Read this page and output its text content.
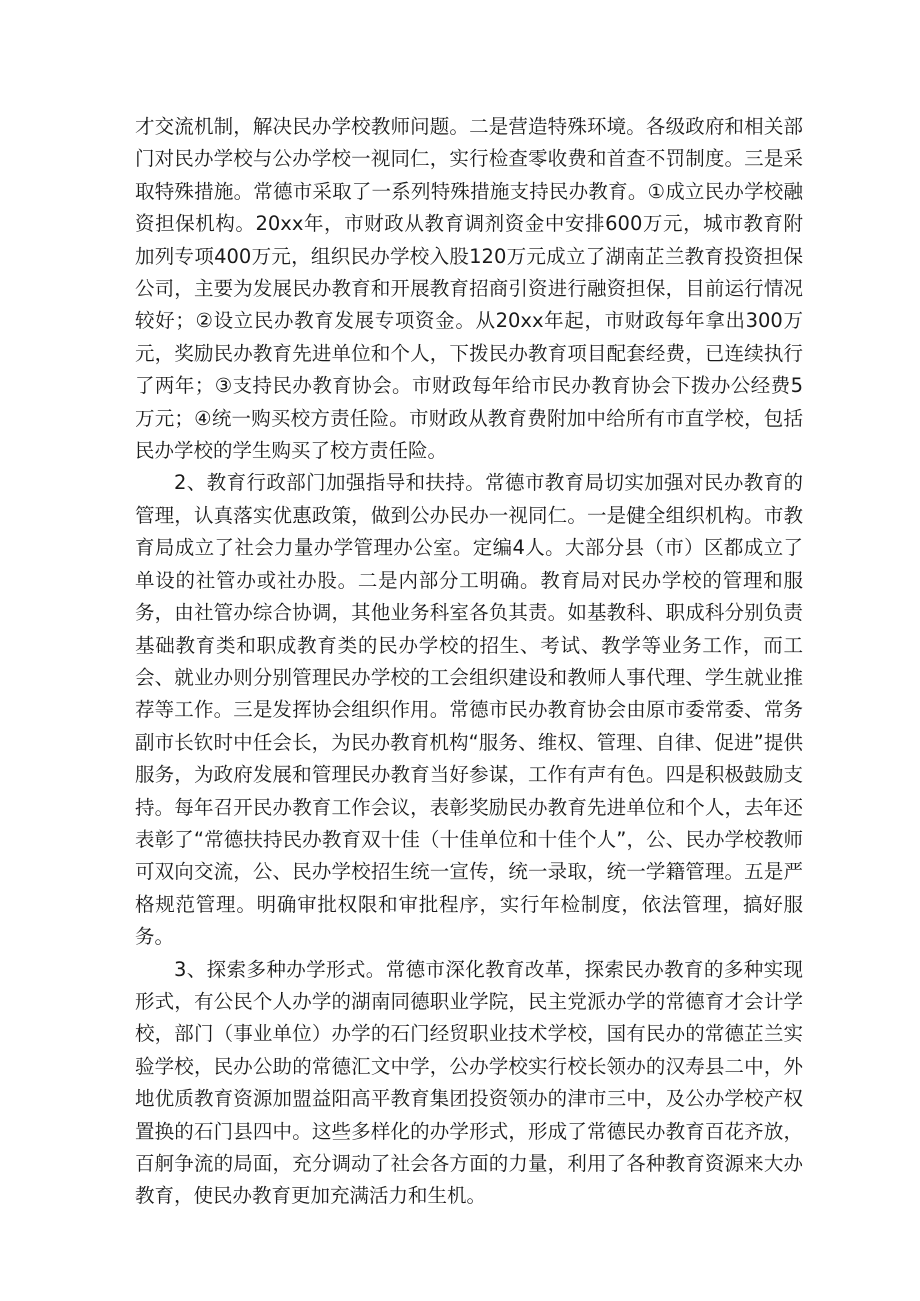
才交流机制，解决民办学校教师问题。二是营造特殊环境。各级政府和相关部门对民办学校与公办学校一视同仁，实行检查零收费和首查不罚制度。三是采取特殊措施。常德市采取了一系列特殊措施支持民办教育。①成立民办学校融资担保机构。20xx年，市财政从教育调剂资金中安排600万元，城市教育附加列专项400万元，组织民办学校入股120万元成立了湖南芷兰教育投资担保公司，主要为发展民办教育和开展教育招商引资进行融资担保，目前运行情况较好；②设立民办教育发展专项资金。从20xx年起，市财政每年拿出300万元，奖励民办教育先进单位和个人，下拨民办教育项目配套经费，已连续执行了两年；③支持民办教育协会。市财政每年给市民办教育协会下拨办公经费5万元；④统一购买校方责任险。市财政从教育费附加中给所有市直学校，包括民办学校的学生购买了校方责任险。

2、教育行政部门加强指导和扶持。常德市教育局切实加强对民办教育的管理，认真落实优惠政策，做到公办民办一视同仁。一是健全组织机构。市教育局成立了社会力量办学管理办公室。定编4人。大部分县（市）区都成立了单设的社管办或社办股。二是内部分工明确。教育局对民办学校的管理和服务，由社管办综合协调，其他业务科室各负其责。如基教科、职成科分别负责基础教育类和职成教育类的民办学校的招生、考试、教学等业务工作，而工会、就业办则分别管理民办学校的工会组织建设和教师人事代理、学生就业推荐等工作。三是发挥协会组织作用。常德市民办教育协会由原市委常委、常务副市长钦时中任会长，为民办教育机构“服务、维权、管理、自律、促进”提供服务，为政府发展和管理民办教育当好参谋，工作有声有色。四是积极鼓励支持。每年召开民办教育工作会议，表彰奖励民办教育先进单位和个人，去年还表彰了“常德扶持民办教育双十佳（十佳单位和十佳个人”，公、民办学校教师可双向交流，公、民办学校招生统一宣传，统一录取，统一学籍管理。五是严格规范管理。明确审批权限和审批程序，实行年检制度，依法管理，搞好服务。

3、探索多种办学形式。常德市深化教育改革，探索民办教育的多种实现形式，有公民个人办学的湖南同德职业学院，民主党派办学的常德育才会计学校，部门（事业单位）办学的石门经贸职业技术学校，国有民办的常德芷兰实验学校，民办公助的常德汇文中学，公办学校实行校长领办的汉寿县二中，外地优质教育资源加盟益阳高平教育集团投资领办的津市三中，及公办学校产权置换的石门县四中。这些多样化的办学形式，形成了常德民办教育百花齐放，百舸争流的局面，充分调动了社会各方面的力量，利用了各种教育资源来大办教育，使民办教育更加充满活力和生机。
